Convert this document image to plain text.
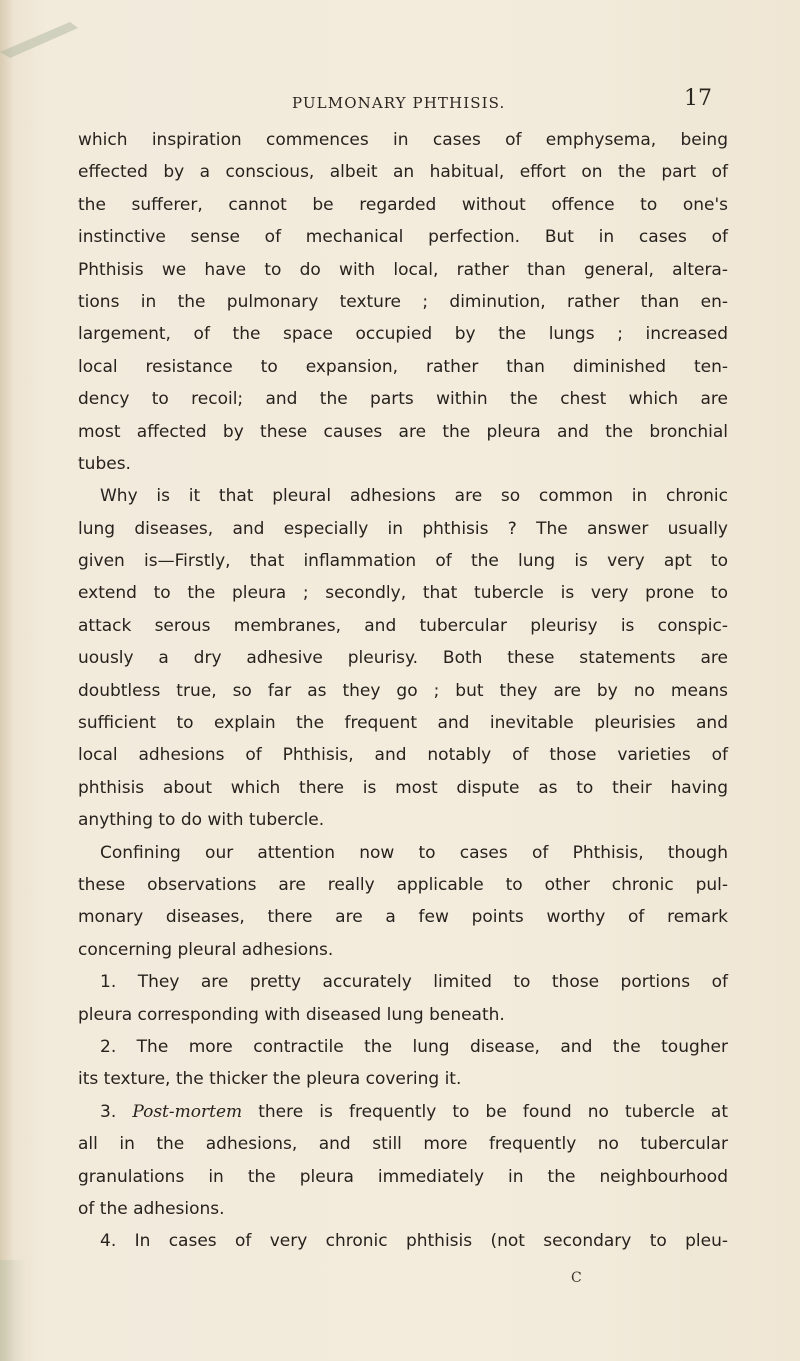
PULMONARY PHTHISIS.	17
which inspiration commences in cases of emphysema, being
effected by a conscious, albeit an habitual, effort on the part of
the sufferer, cannot be regarded without offence to one's
instinctive sense of mechanical perfection. But in cases of
Phthisis we have to do with local, rather than general, altera-
tions in the pulmonary texture ; diminution, rather than en-
largement, of the space occupied by the lungs ; increased
local resistance to expansion, rather than diminished ten-
dency to recoil; and the parts within the chest which are
most affected by these causes are the pleura and the bronchial
tubes.
Why is it that pleural adhesions are so common in chronic
lung diseases, and especially in phthisis ? The answer usually
given is—Firstly, that inflammation of the lung is very apt to
extend to the pleura ; secondly, that tubercle is very prone to
attack serous membranes, and tubercular pleurisy is conspic-
uously a dry adhesive pleurisy. Both these statements are
doubtless true, so far as they go ; but they are by no means
sufficient to explain the frequent and inevitable pleurisies and
local adhesions of Phthisis, and notably of those varieties of
phthisis about which there is most dispute as to their having
anything to do with tubercle.
Confining our attention now to cases of Phthisis, though
these observations are really applicable to other chronic pul-
monary diseases, there are a few points worthy of remark
concerning pleural adhesions.
1. They are pretty accurately limited to those portions of
pleura corresponding with diseased lung beneath.
2. The more contractile the lung disease, and the tougher
its texture, the thicker the pleura covering it.
3. Post-mortem there is frequently to be found no tubercle at
all in the adhesions, and still more frequently no tubercular
granulations in the pleura immediately in the neighbourhood
of the adhesions.
4. In cases of very chronic phthisis (not secondary to pleu-
C
